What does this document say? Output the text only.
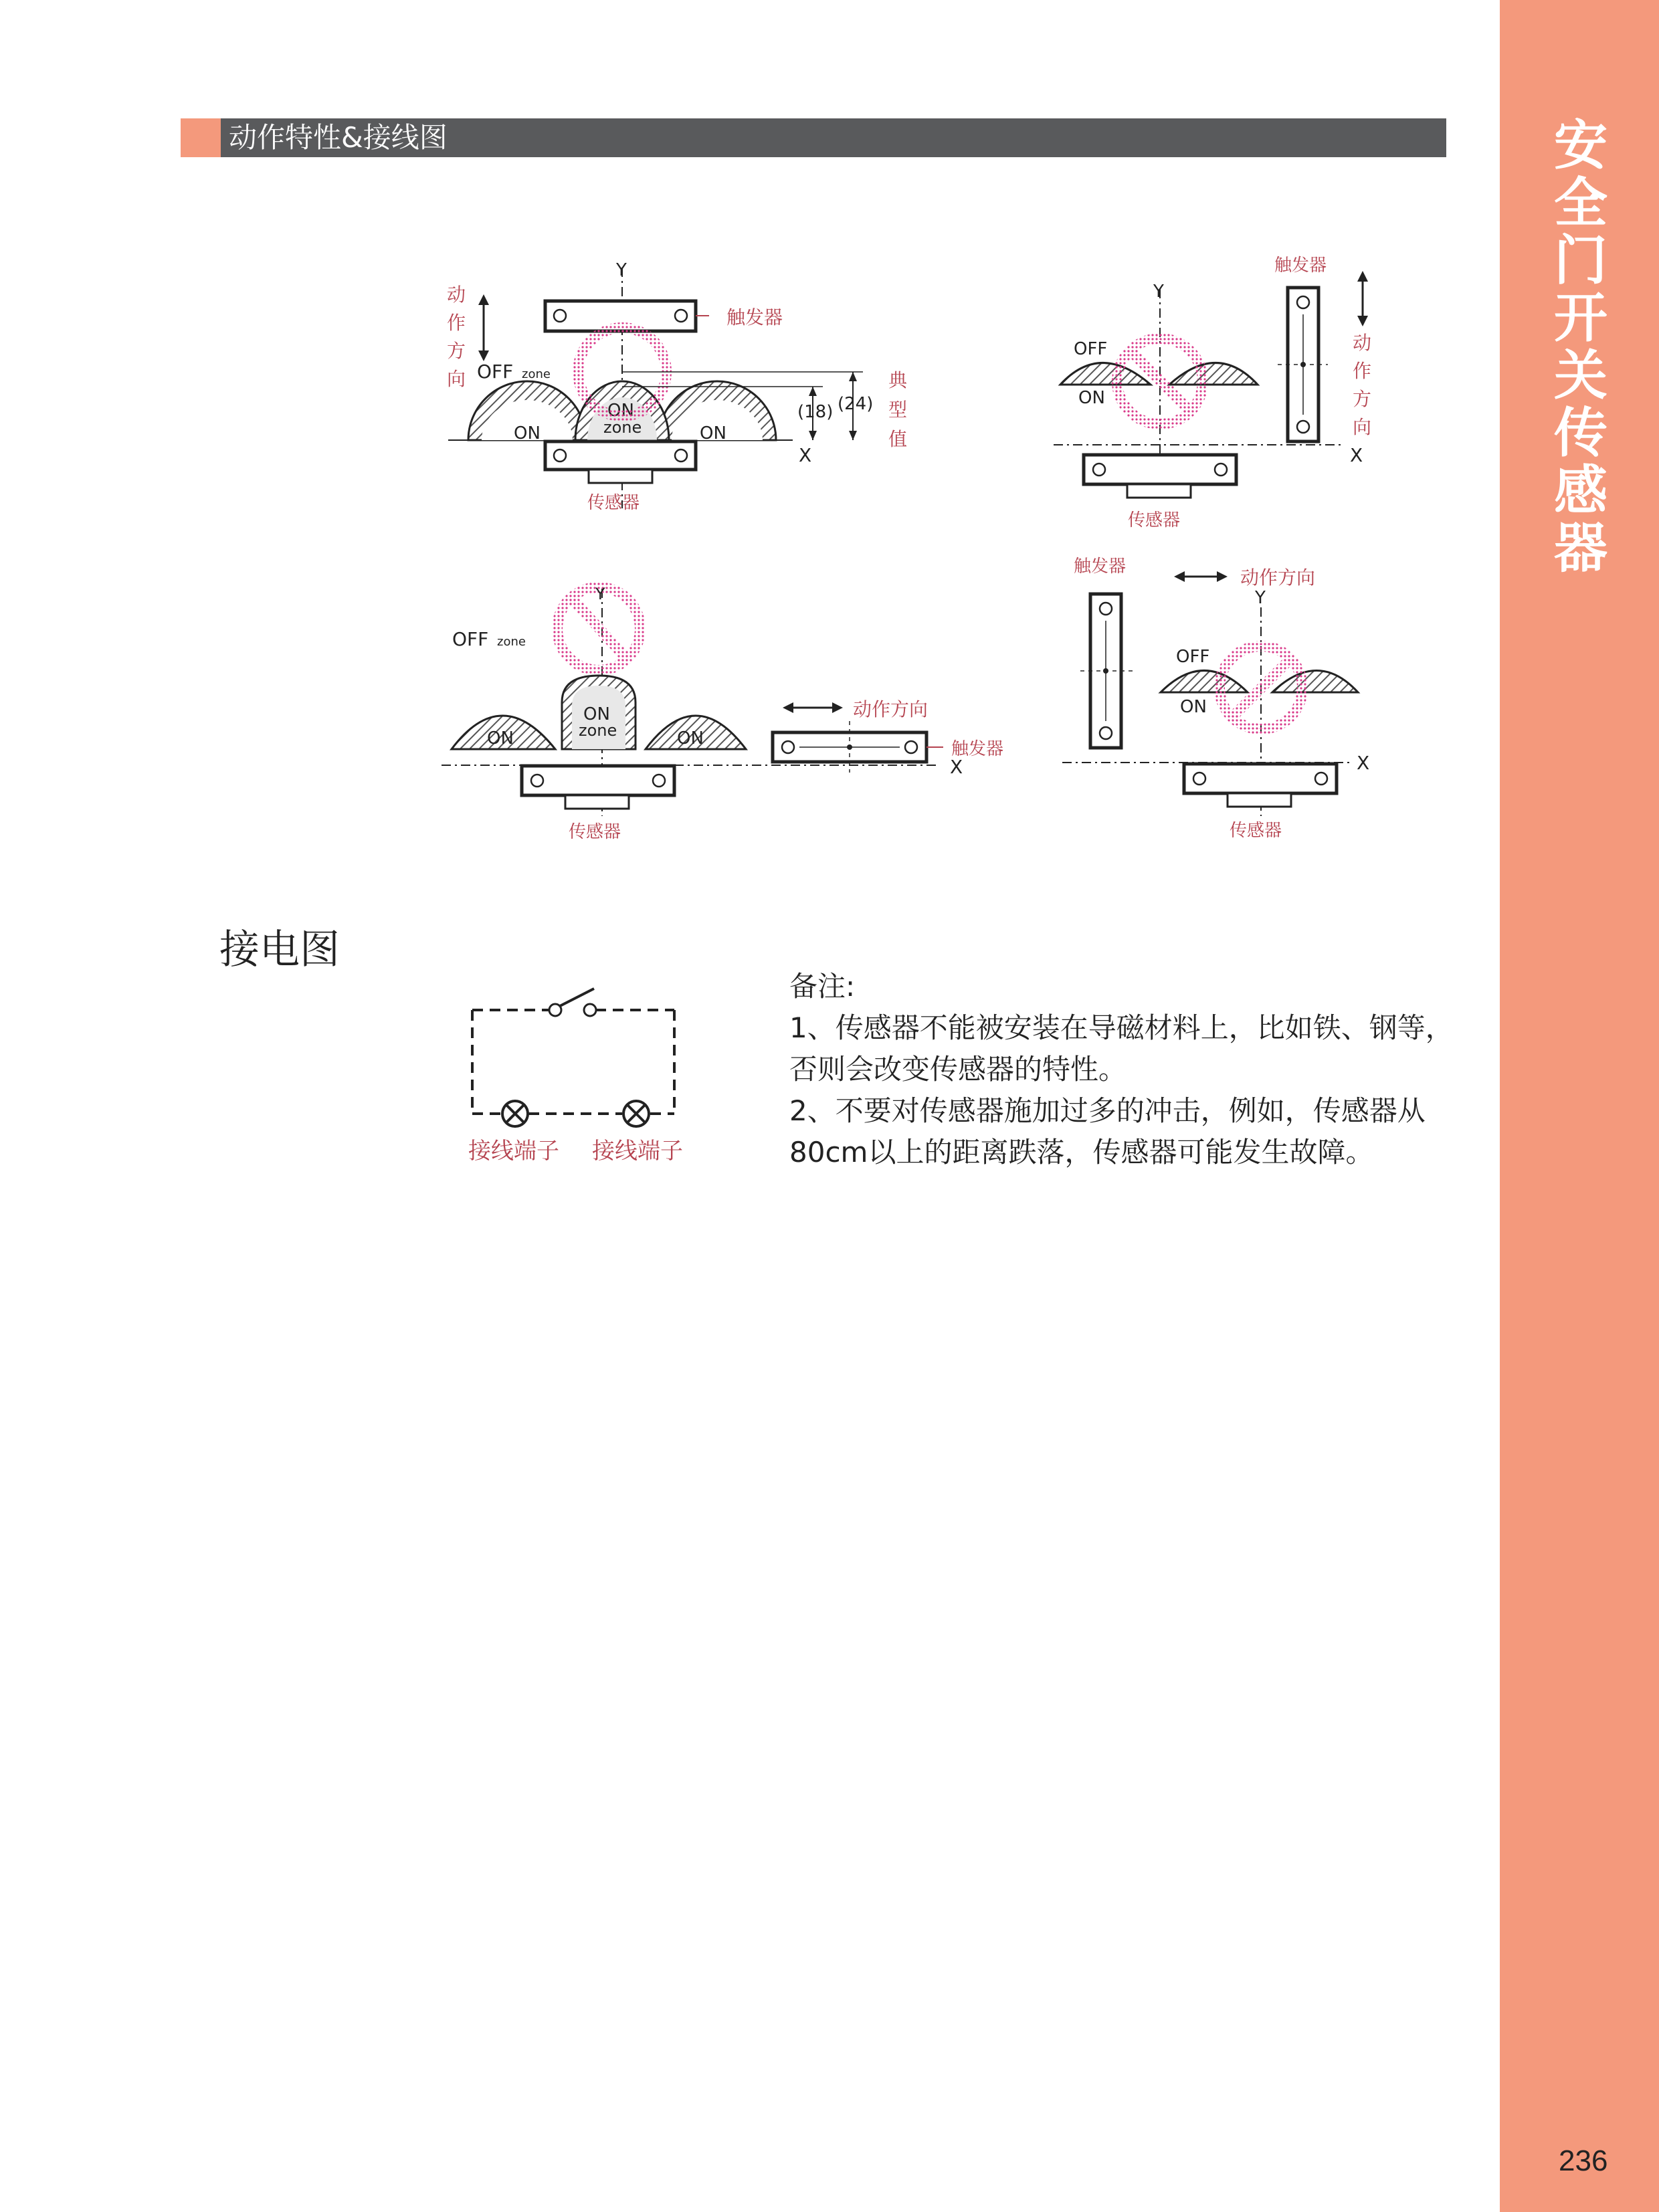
安
全
门
开
关
传
感
器
236
动作特性&接线图
Y
X
触发器
动
作
方
向 OFF zone
ON	ON
ON
zone
(18) (24)
典
型
值
传感器
Y
X
OFF
ON
触发器
动
作
方
向
传感器
X
Y
OFF zone
ON	ON
ON
zone
传感器
触发器
动作方向
触发器	动作方向
Y
X
OFF
ON
传感器
接电图
接线端子 接线端子
备注:
1、传感器不能被安装在导磁材料上，比如铁、钢等，
否则会改变传感器的特性。
2、不要对传感器施加过多的冲击，例如，传感器从
80cm以上的距离跌落，传感器可能发生故障。
